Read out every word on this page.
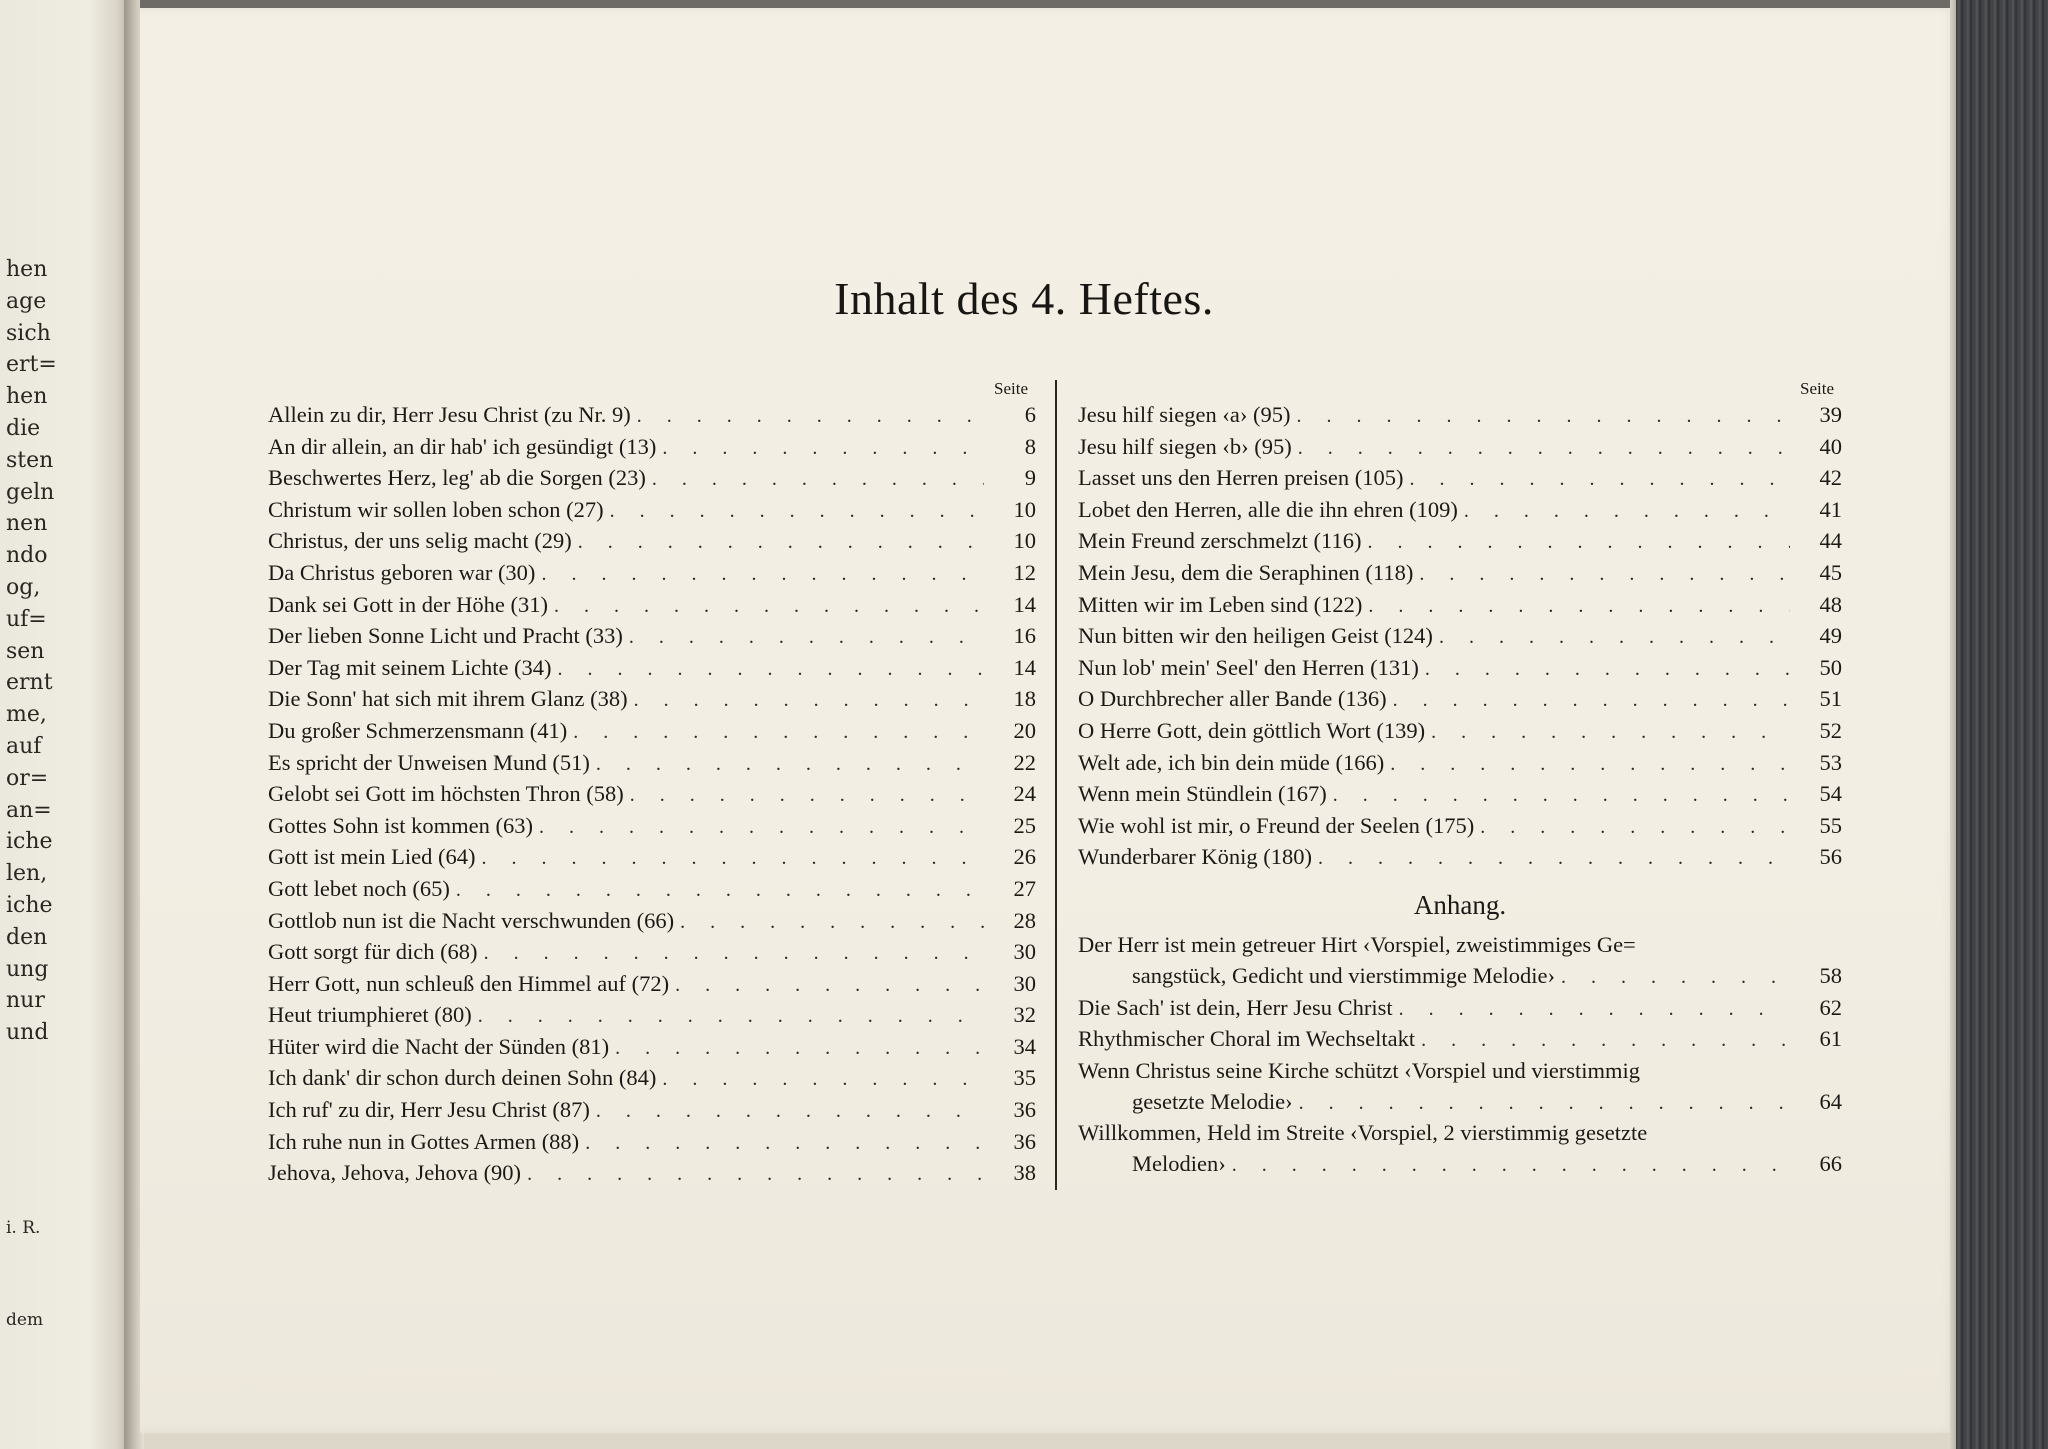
hen
age
sich
ert=
hen
die
sten
geln
nen
ndo
og,
uf=
sen
ernt
me,
auf
or=
an=
iche
len,
iche
den
ung
nur
und
i. R.
dem
Inhalt des 4. Heftes.
Seite
Allein zu dir, Herr Jesu Christ (zu Nr. 9) . . .	6
An dir allein, an dir hab' ich gesündigt (13) . . .	8
Beschwertes Herz, leg' ab die Sorgen (23) . . .	9
Christum wir sollen loben schon (27) . . .	10
Christus, der uns selig macht (29) . . .	10
Da Christus geboren war (30) . . .	12
Dank sei Gott in der Höhe (31) . . .	14
Der lieben Sonne Licht und Pracht (33) . . .	16
Der Tag mit seinem Lichte (34) . . .	14
Die Sonn' hat sich mit ihrem Glanz (38) . . .	18
Du großer Schmerzensmann (41) . . .	20
Es spricht der Unweisen Mund (51) . . .	22
Gelobt sei Gott im höchsten Thron (58) . . .	24
Gottes Sohn ist kommen (63) . . .	25
Gott ist mein Lied (64) . . .	26
Gott lebet noch (65) . . .	27
Gottlob nun ist die Nacht verschwunden (66) . . .	28
Gott sorgt für dich (68) . . .	30
Herr Gott, nun schleuß den Himmel auf (72) . . .	30
Heut triumphieret (80) . . .	32
Hüter wird die Nacht der Sünden (81) . . .	34
Ich dank' dir schon durch deinen Sohn (84) . . .	35
Ich ruf' zu dir, Herr Jesu Christ (87) . . .	36
Ich ruhe nun in Gottes Armen (88) . . .	36
Jehova, Jehova, Jehova (90) . . .	38
Seite
Jesu hilf siegen ‹a› (95) . . .	39
Jesu hilf siegen ‹b› (95) . . .	40
Lasset uns den Herren preisen (105) . . .	42
Lobet den Herren, alle die ihn ehren (109) . . .	41
Mein Freund zerschmelzt (116) . . .	44
Mein Jesu, dem die Seraphinen (118) . . .	45
Mitten wir im Leben sind (122) . . .	48
Nun bitten wir den heiligen Geist (124) . . .	49
Nun lob' mein' Seel' den Herren (131) . . .	50
O Durchbrecher aller Bande (136) . . .	51
O Herre Gott, dein göttlich Wort (139) . . .	52
Welt ade, ich bin dein müde (166) . . .	53
Wenn mein Stündlein (167) . . .	54
Wie wohl ist mir, o Freund der Seelen (175) . . .	55
Wunderbarer König (180) . . .	56
Anhang.
Der Herr ist mein getreuer Hirt ‹Vorspiel, zweistimmiges Ge=
sangstück, Gedicht und vierstimmige Melodie› . . .	58
Die Sach' ist dein, Herr Jesu Christ . . .	62
Rhythmischer Choral im Wechseltakt . . .	61
Wenn Christus seine Kirche schützt ‹Vorspiel und vierstimmig
gesetzte Melodie› . . .	64
Willkommen, Held im Streite ‹Vorspiel, 2 vierstimmig gesetzte
Melodien› . . .	66
